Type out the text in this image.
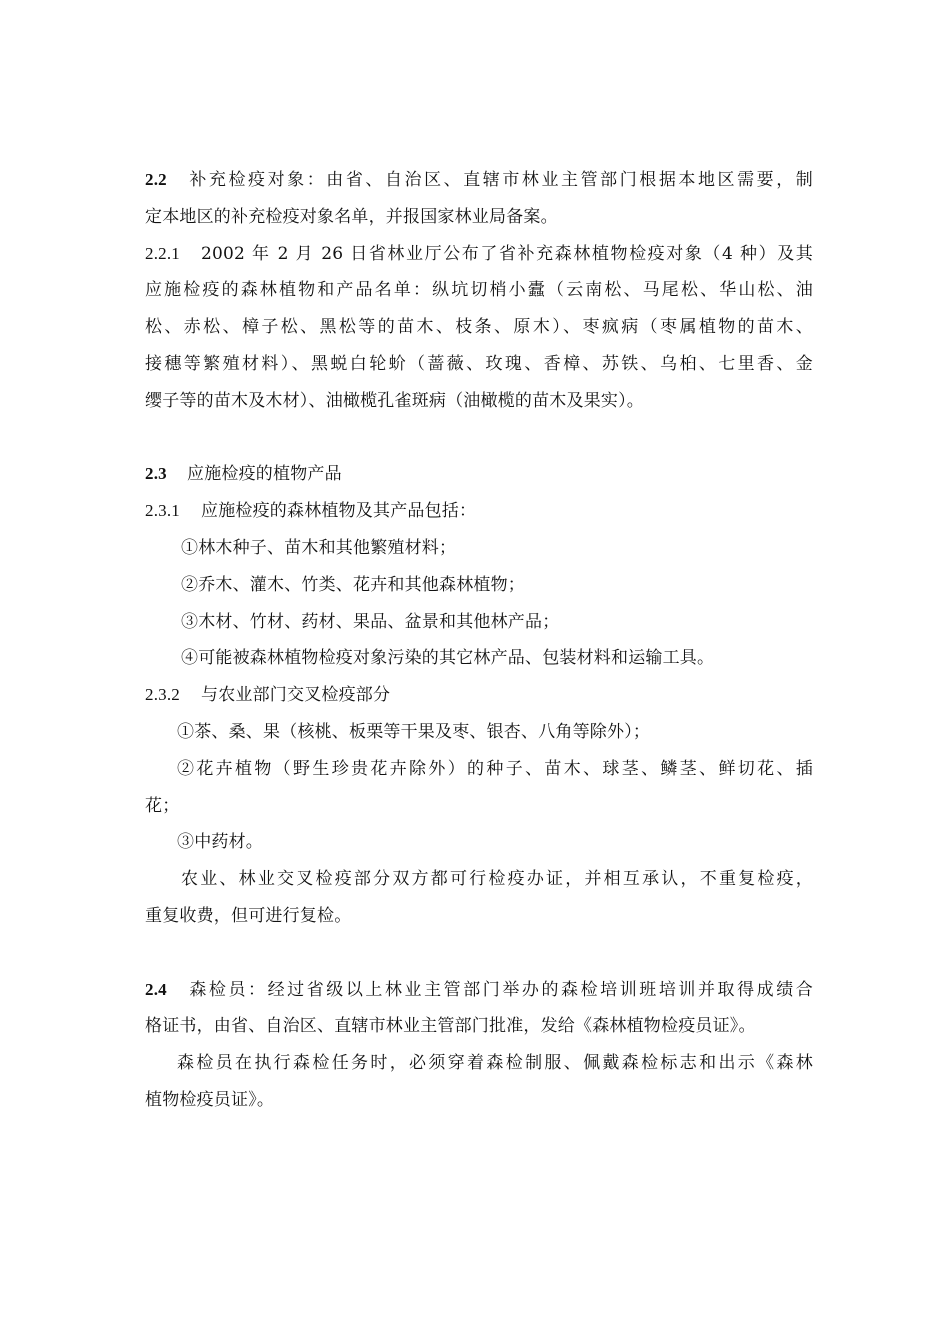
2.2 补充检疫对象：由省、自治区、直辖市林业主管部门根据本地区需要，制
定本地区的补充检疫对象名单，并报国家林业局备案。
2.2.1 2002 年 2 月 26 日省林业厅公布了省补充森林植物检疫对象（4 种）及其
应施检疫的森林植物和产品名单：纵坑切梢小蠹（云南松、马尾松、华山松、油
松、赤松、樟子松、黑松等的苗木、枝条、原木）、枣疯病（枣属植物的苗木、
接穗等繁殖材料）、黑蜕白轮蚧（蔷薇、玫瑰、香樟、苏铁、乌桕、七里香、金
缨子等的苗木及木材）、油橄榄孔雀斑病（油橄榄的苗木及果实）。
2.3 应施检疫的植物产品
2.3.1 应施检疫的森林植物及其产品包括：
①林木种子、苗木和其他繁殖材料；
②乔木、灌木、竹类、花卉和其他森林植物；
③木材、竹材、药材、果品、盆景和其他林产品；
④可能被森林植物检疫对象污染的其它林产品、包装材料和运输工具。
2.3.2 与农业部门交叉检疫部分
①茶、桑、果（核桃、板栗等干果及枣、银杏、八角等除外）；
②花卉植物（野生珍贵花卉除外）的种子、苗木、球茎、鳞茎、鲜切花、插
花；
③中药材。
农业、林业交叉检疫部分双方都可行检疫办证，并相互承认，不重复检疫，
重复收费，但可进行复检。
2.4 森检员：经过省级以上林业主管部门举办的森检培训班培训并取得成绩合
格证书，由省、自治区、直辖市林业主管部门批准，发给《森林植物检疫员证》。
森检员在执行森检任务时，必须穿着森检制服、佩戴森检标志和出示《森林
植物检疫员证》。
